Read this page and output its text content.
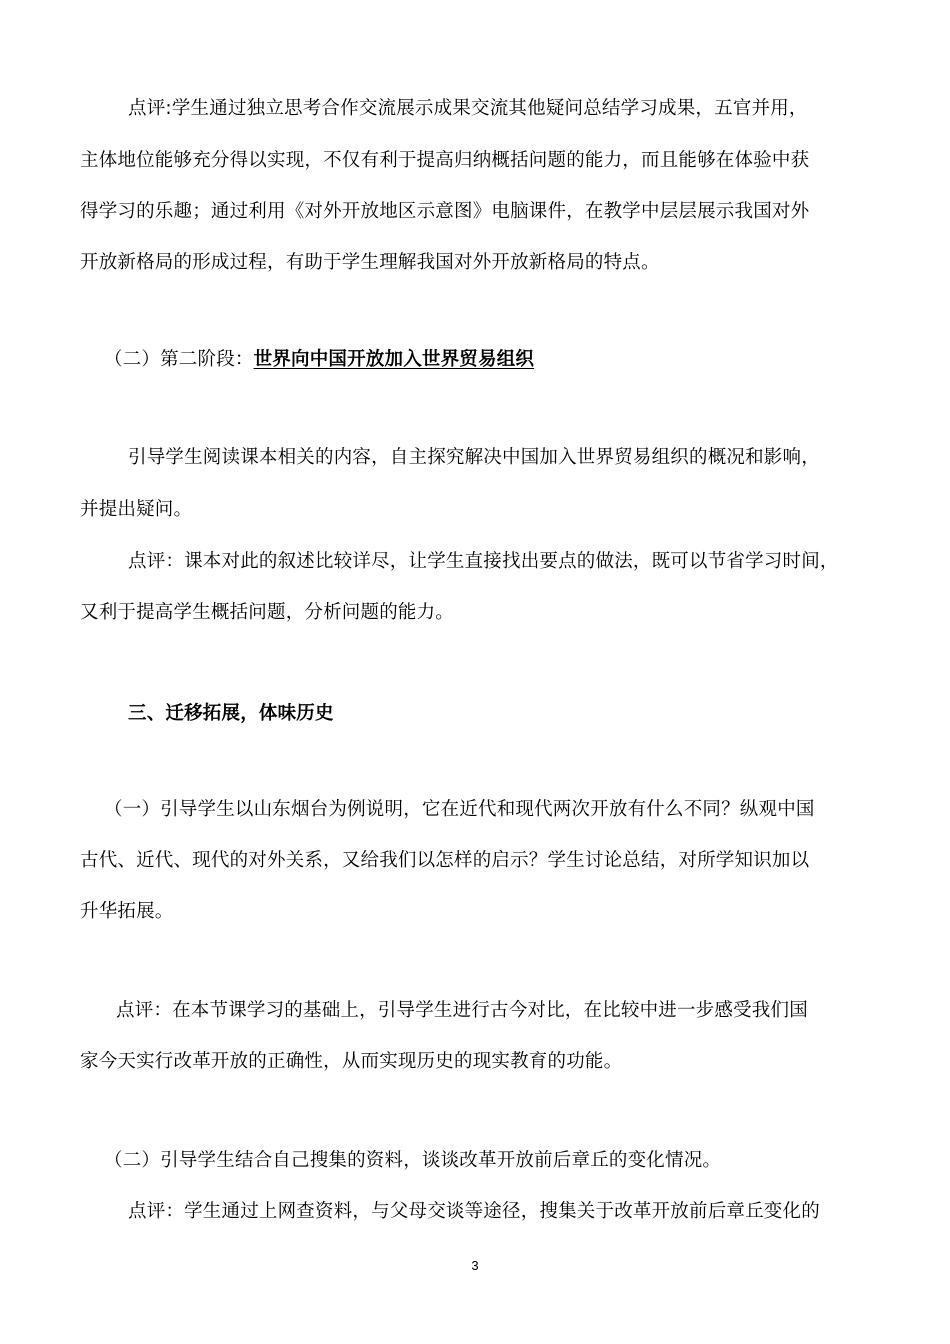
点评:学生通过独立思考合作交流展示成果交流其他疑问总结学习成果，五官并用，
主体地位能够充分得以实现，不仅有利于提高归纳概括问题的能力，而且能够在体验中获
得学习的乐趣；通过利用《对外开放地区示意图》电脑课件，在教学中层层展示我国对外
开放新格局的形成过程，有助于学生理解我国对外开放新格局的特点。
（二）第二阶段：世界向中国开放加入世界贸易组织
引导学生阅读课本相关的内容，自主探究解决中国加入世界贸易组织的概况和影响，
并提出疑问。
点评：课本对此的叙述比较详尽，让学生直接找出要点的做法，既可以节省学习时间，
又利于提高学生概括问题，分析问题的能力。
三、迁移拓展，体味历史
（一）引导学生以山东烟台为例说明，它在近代和现代两次开放有什么不同？纵观中国
古代、近代、现代的对外关系，又给我们以怎样的启示？学生讨论总结，对所学知识加以
升华拓展。
点评：在本节课学习的基础上，引导学生进行古今对比，在比较中进一步感受我们国
家今天实行改革开放的正确性，从而实现历史的现实教育的功能。
（二）引导学生结合自己搜集的资料，谈谈改革开放前后章丘的变化情况。
点评：学生通过上网查资料，与父母交谈等途径，搜集关于改革开放前后章丘变化的
3
